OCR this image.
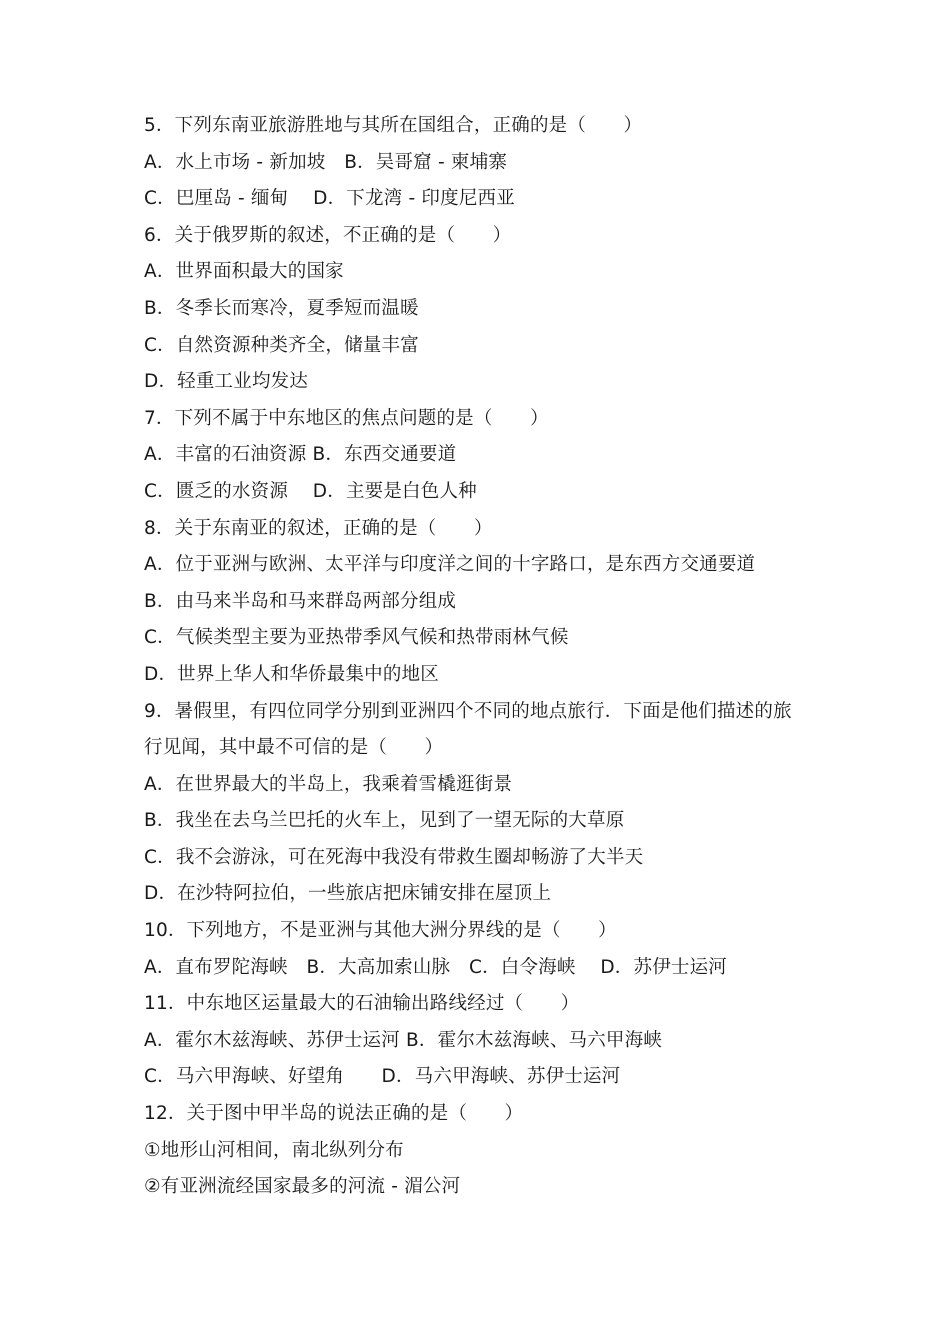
5．下列东南亚旅游胜地与其所在国组合，正确的是（　　）
A．水上市场 - 新加坡　B．吴哥窟 - 柬埔寨
C．巴厘岛 - 缅甸　 D．下龙湾 - 印度尼西亚
6．关于俄罗斯的叙述，不正确的是（　　）
A．世界面积最大的国家
B．冬季长而寒冷，夏季短而温暖
C．自然资源种类齐全，储量丰富
D．轻重工业均发达
7．下列不属于中东地区的焦点问题的是（　　）
A．丰富的石油资源 B．东西交通要道
C．匮乏的水资源　 D．主要是白色人种
8．关于东南亚的叙述，正确的是（　　）
A．位于亚洲与欧洲、太平洋与印度洋之间的十字路口，是东西方交通要道
B．由马来半岛和马来群岛两部分组成
C．气候类型主要为亚热带季风气候和热带雨林气候
D．世界上华人和华侨最集中的地区
9．暑假里，有四位同学分别到亚洲四个不同的地点旅行．下面是他们描述的旅
行见闻，其中最不可信的是（　　）
A．在世界最大的半岛上，我乘着雪橇逛街景
B．我坐在去乌兰巴托的火车上，见到了一望无际的大草原
C．我不会游泳，可在死海中我没有带救生圈却畅游了大半天
D．在沙特阿拉伯，一些旅店把床铺安排在屋顶上
10．下列地方，不是亚洲与其他大洲分界线的是（　　）
A．直布罗陀海峡　B．大高加索山脉　C．白令海峡　 D．苏伊士运河
11．中东地区运量最大的石油输出路线经过（　　）
A．霍尔木兹海峡、苏伊士运河 B．霍尔木兹海峡、马六甲海峡
C．马六甲海峡、好望角　　D．马六甲海峡、苏伊士运河
12．关于图中甲半岛的说法正确的是（　　）
①地形山河相间，南北纵列分布
②有亚洲流经国家最多的河流 - 湄公河
